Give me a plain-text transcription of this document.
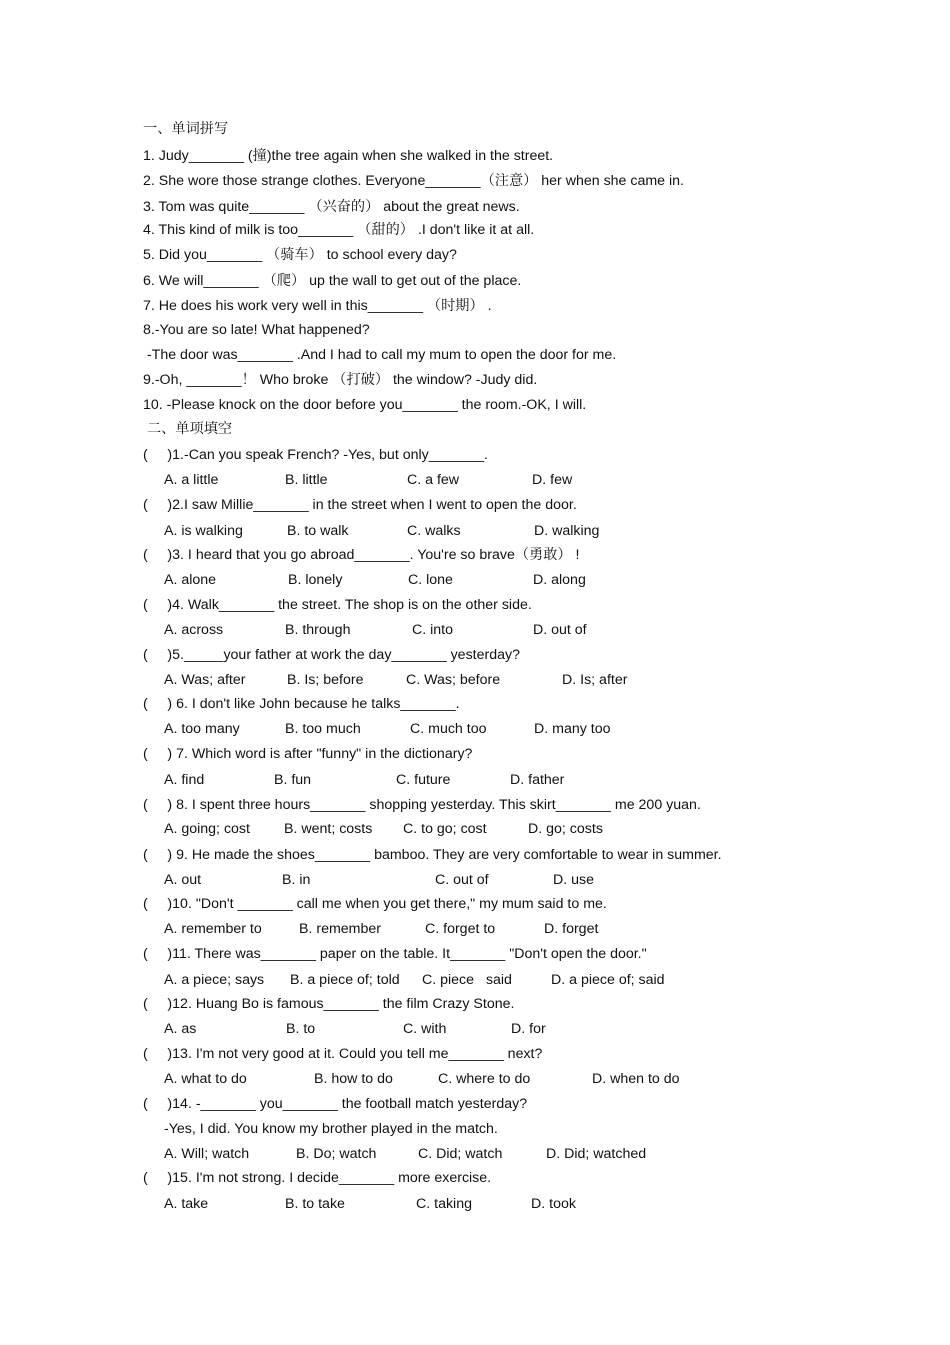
一、单词拼写
1. Judy_______ (撞)the tree again when she walked in the street.
2. She wore those strange clothes. Everyone_______（注意） her when she came in.
3. Tom was quite_______ （兴奋的） about the great news.
4. This kind of milk is too_______ （甜的） .I don't like it at all.
5. Did you_______ （骑车） to school every day?
6. We will_______ （爬） up the wall to get out of the place.
7. He does his work very well in this_______ （时期） .
8.-You are so late! What happened?
-The door was_______ .And I had to call my mum to open the door for me.
9.-Oh, _______！ Who broke （打破） the window? -Judy did.
10. -Please knock on the door before you_______ the room.-OK, I will.
二、单项填空
(     )1.-Can you speak French? -Yes, but only_______.
A. a little	B. little	C. a few	D. few
(     )2.I saw Millie_______ in the street when I went to open the door.
A. is walking	B. to walk	C. walks	D. walking
(     )3. I heard that you go abroad_______. You're so brave（勇敢） !
A. alone	B. lonely	C. lone	D. along
(     )4. Walk_______ the street. The shop is on the other side.
A. across	B. through	C. into	D. out of
(     )5._____your father at work the day_______ yesterday?
A. Was; after	B. Is; before	C. Was; before	D. Is; after
(     ) 6. I don't like John because he talks_______.
A. too many	B. too much	C. much too	D. many too
(     ) 7. Which word is after "funny" in the dictionary?
A. find	B. fun	C. future	D. father
(     ) 8. I spent three hours_______ shopping yesterday. This skirt_______ me 200 yuan.
A. going; cost B. went; costs C. to go; cost	D. go; costs
(     ) 9. He made the shoes_______ bamboo. They are very comfortable to wear in summer.
A. out	B. in	C. out of	D. use
(     )10. "Don't _______ call me when you get there," my mum said to me.
A. remember to	B. remember	C. forget to	D. forget
(     )11. There was_______ paper on the table. It_______ "Don't open the door."
A. a piece; says B. a piece of; told C. piece   said	D. a piece of; said
(     )12. Huang Bo is famous_______ the film Crazy Stone.
A. as	B. to	C. with	D. for
(     )13. I'm not very good at it. Could you tell me_______ next?
A. what to do	B. how to do	C. where to do	D. when to do
(     )14. -_______ you_______ the football match yesterday?
-Yes, I did. You know my brother played in the match.
A. Will; watch	B. Do; watch	C. Did; watch	D. Did; watched
(     )15. I'm not strong. I decide_______ more exercise.
A. take	B. to take	C. taking	D. took
